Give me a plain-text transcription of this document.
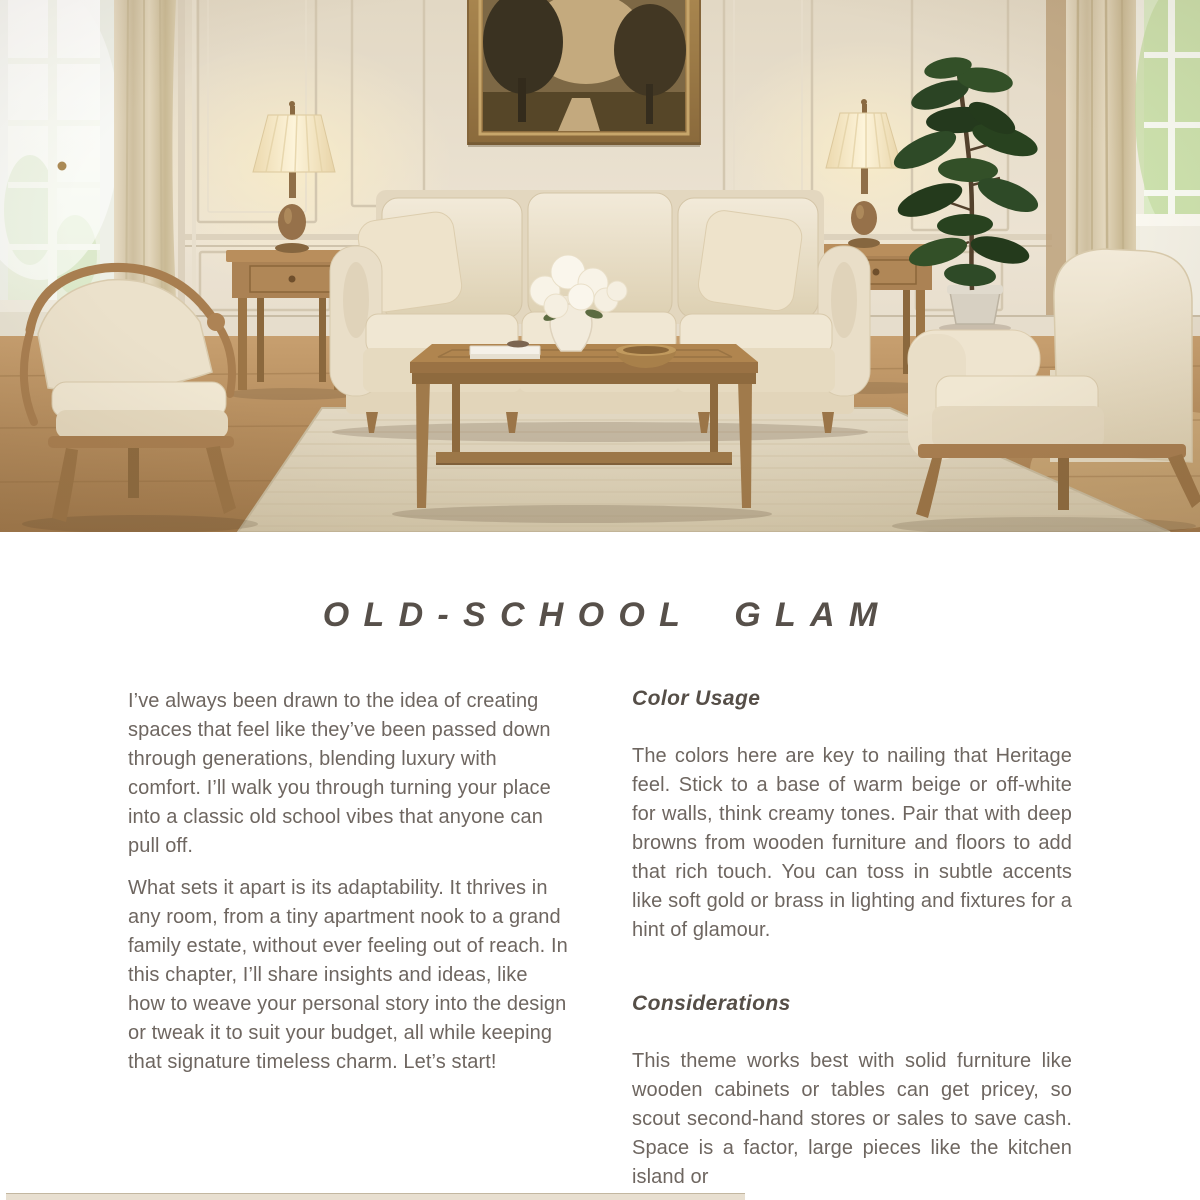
OLD-SCHOOL GLAM

I’ve always been drawn to the idea of creating spaces that feel like they’ve been passed down through generations, blending luxury with comfort. I’ll walk you through turning your place into a classic old school vibes that anyone can pull off.

What sets it apart is its adaptability. It thrives in any room, from a tiny apartment nook to a grand family estate, without ever feeling out of reach. In this chapter, I’ll share insights and ideas, like how to weave your personal story into the design or tweak it to suit your budget, all while keeping that signature timeless charm. Let’s start!

Color Usage

The colors here are key to nailing that Heritage feel. Stick to a base of warm beige or off-white for walls, think creamy tones. Pair that with deep browns from wooden furniture and floors to add that rich touch. You can toss in subtle accents like soft gold or brass in lighting and fixtures for a hint of glamour.

Considerations

This theme works best with solid furniture like wooden cabinets or tables can get pricey, so scout second-hand stores or sales to save cash. Space is a factor, large pieces like the kitchen island or
